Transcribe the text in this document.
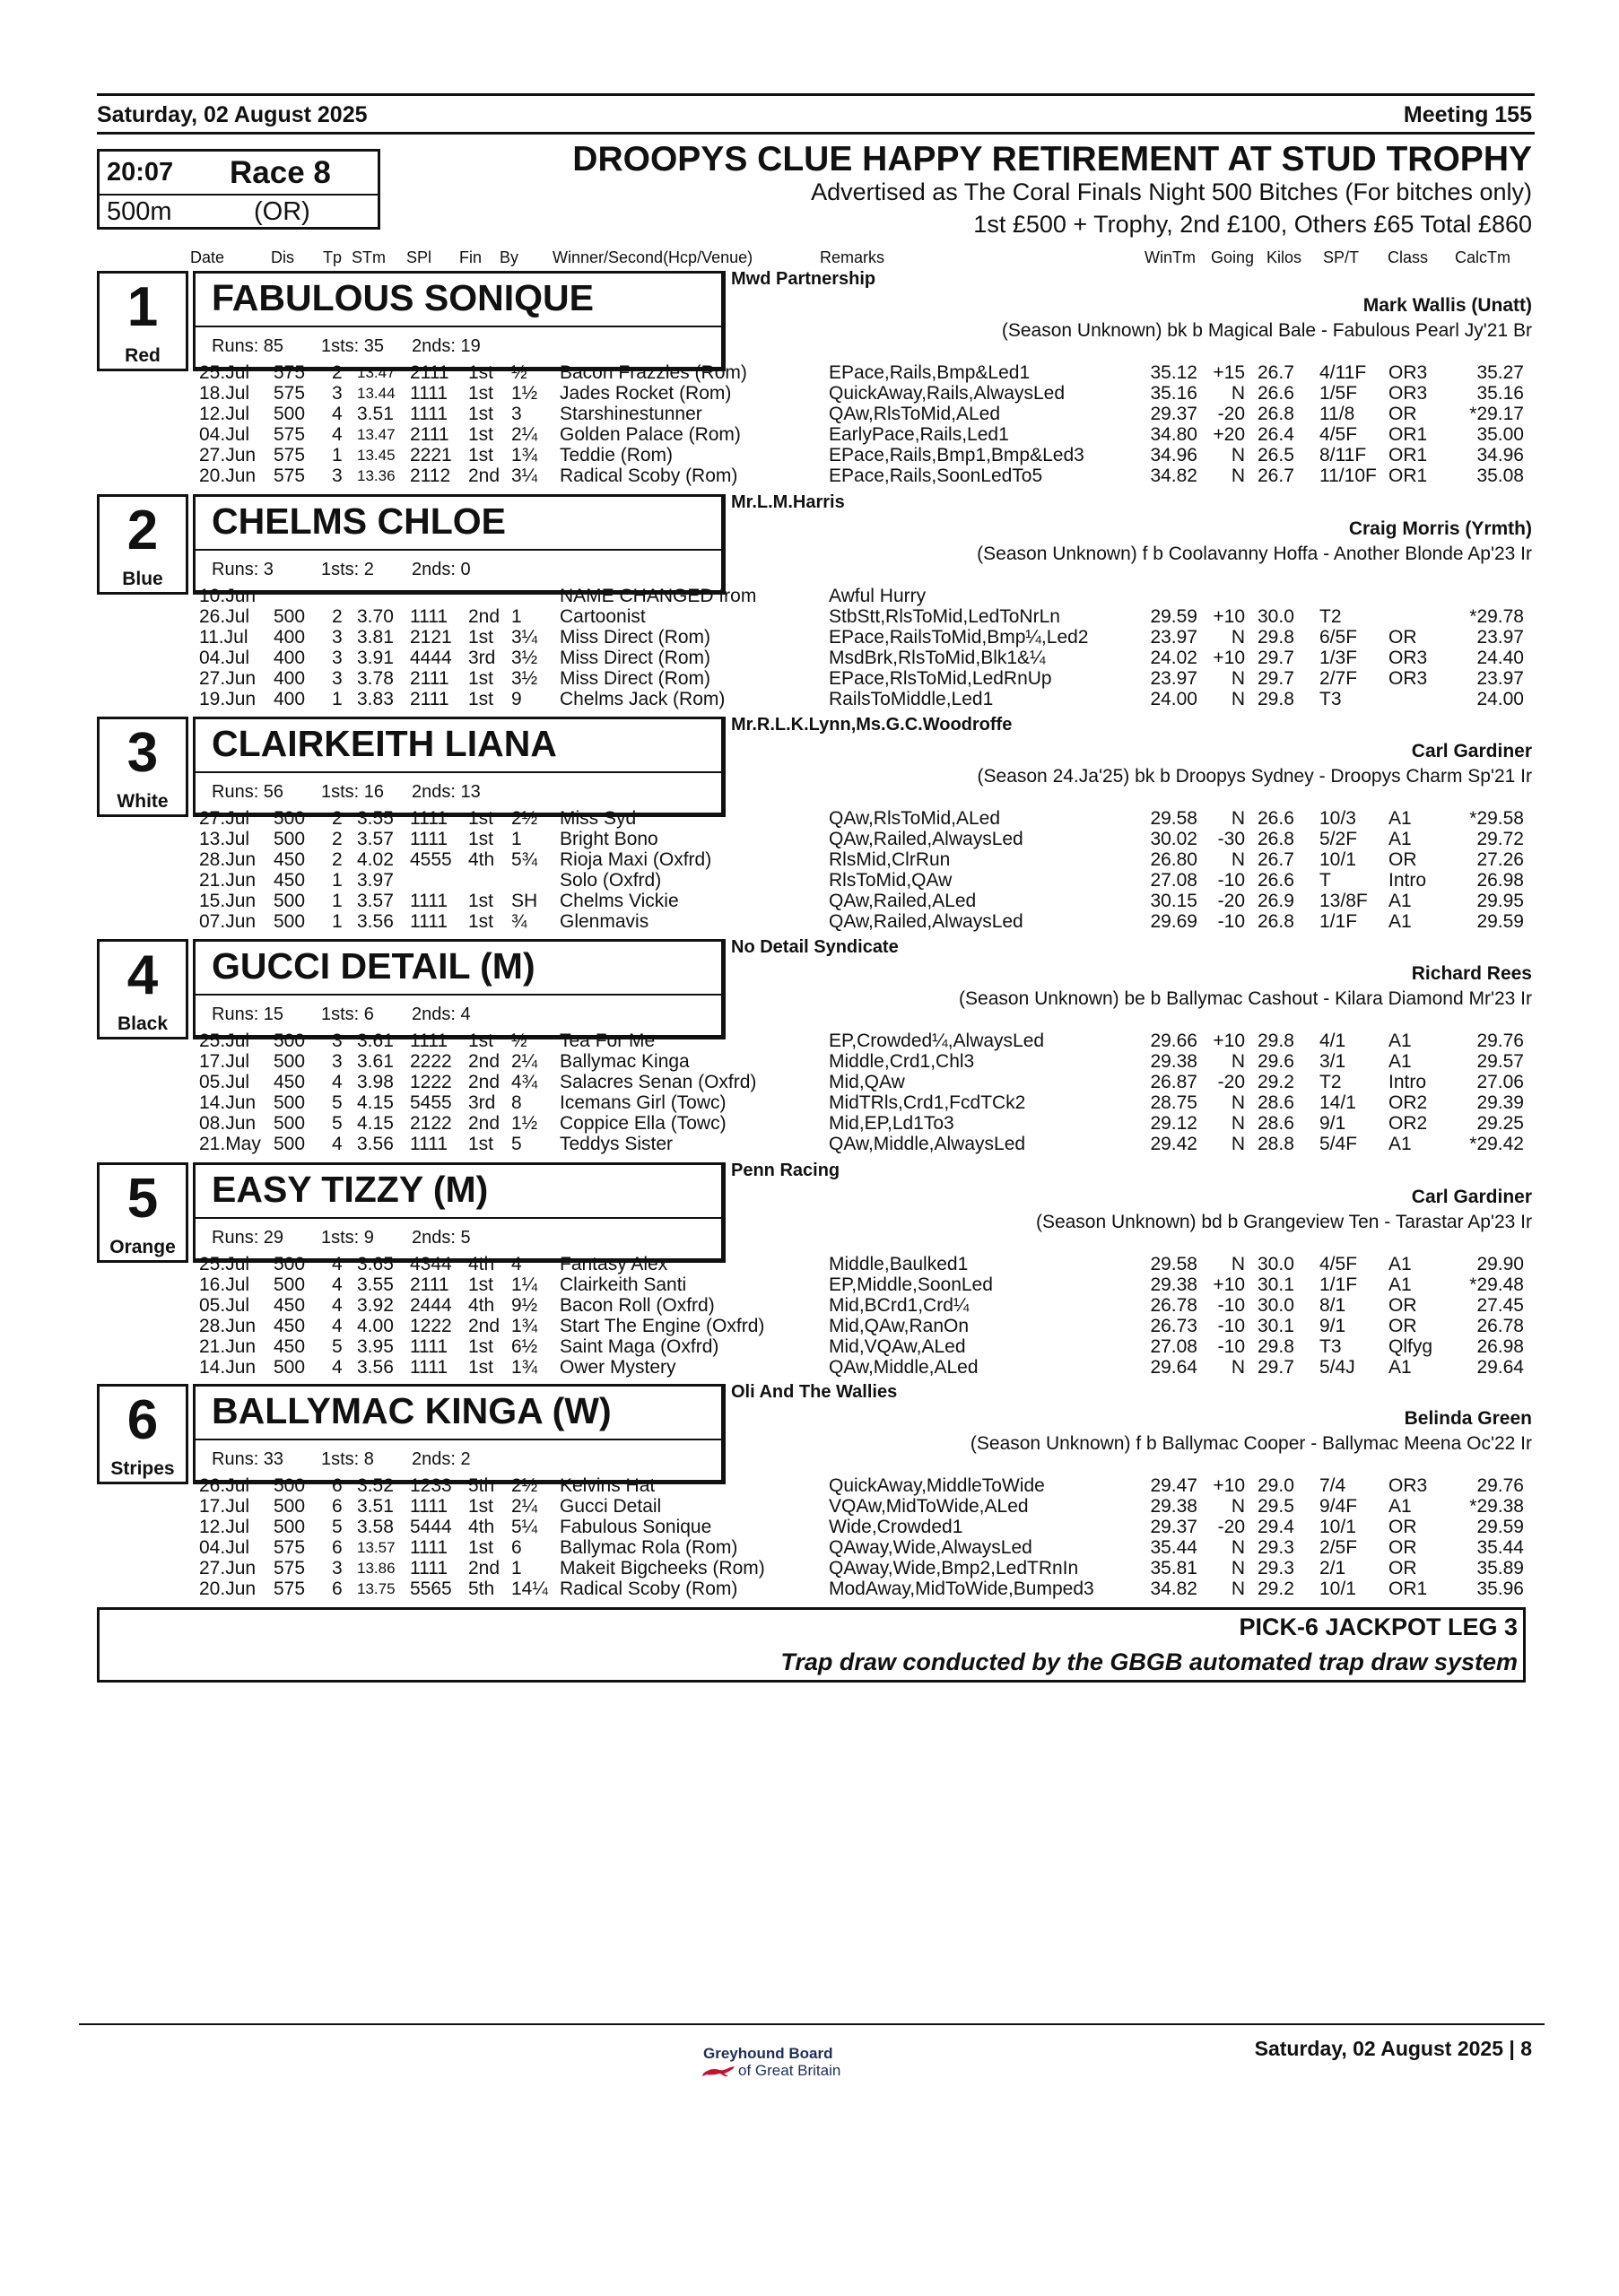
Saturday, 02 August 2025	Meeting 155
20:07 Race 8
500m	(OR)
DROOPYS CLUE HAPPY RETIREMENT AT STUD TROPHY
Advertised as The Coral Finals Night 500 Bitches (For bitches only)
1st £500 + Trophy, 2nd £100, Others £65 Total £860
Date	Dis Tp STm SPl Fin By Winner/Second(Hcp/Venue)	Remarks	WinTm Going Kilos SP/T Class CalcTm
1
Red
FABULOUS SONIQUE
Runs: 85 1sts: 35 2nds: 19
Mwd Partnership
Mark Wallis (Unatt)
(Season Unknown) bk b Magical Bale - Fabulous Pearl Jy'21 Br
25.Jul 575 2 13.47 2111 1st ½ Bacon Frazzles (Rom)	EPace,Rails,Bmp&Led1	35.12 +15 26.7 4/11F OR3	35.27
18.Jul 575 3 13.44 1111 1st 1½ Jades Rocket (Rom)	QuickAway,Rails,AlwaysLed	35.16 N 26.6 1/5F OR3	35.16
12.Jul 500 4 3.51 1111 1st 3 Starshinestunner	QAw,RlsToMid,ALed	29.37 -20 26.8 11/8 OR	*29.17
04.Jul 575 4 13.47 2111 1st 2¼ Golden Palace (Rom)	EarlyPace,Rails,Led1	34.80 +20 26.4 4/5F OR1	35.00
27.Jun 575 1 13.45 2221 1st 1¾ Teddie (Rom)	EPace,Rails,Bmp1,Bmp&Led3	34.96 N 26.5 8/11F OR1	34.96
20.Jun 575 3 13.36 2112 2nd 3¼ Radical Scoby (Rom)	EPace,Rails,SoonLedTo5	34.82 N 26.7 11/10F OR1	35.08
2
Blue
CHELMS CHLOE
Runs: 3	1sts: 2 2nds: 0
Mr.L.M.Harris
Craig Morris (Yrmth)
(Season Unknown) f b Coolavanny Hoffa - Another Blonde Ap'23 Ir
10.Jun	NAME CHANGED from	Awful Hurry
26.Jul 500 2 3.70 1111 2nd 1 Cartoonist	StbStt,RlsToMid,LedToNrLn	29.59 +10 30.0 T2	*29.78
11.Jul 400 3 3.81 2121 1st 3¼ Miss Direct (Rom)	EPace,RailsToMid,Bmp¼,Led2	23.97 N 29.8 6/5F OR	23.97
04.Jul 400 3 3.91 4444 3rd 3½ Miss Direct (Rom)	MsdBrk,RlsToMid,Blk1&¼	24.02 +10 29.7 1/3F OR3	24.40
27.Jun 400 3 3.78 2111 1st 3½ Miss Direct (Rom)	EPace,RlsToMid,LedRnUp	23.97 N 29.7 2/7F OR3	23.97
19.Jun 400 1 3.83 2111 1st 9 Chelms Jack (Rom)	RailsToMiddle,Led1	24.00 N 29.8 T3	24.00
3
White
CLAIRKEITH LIANA
Runs: 56 1sts: 16 2nds: 13
Mr.R.L.K.Lynn,Ms.G.C.Woodroffe
Carl Gardiner
(Season 24.Ja'25) bk b Droopys Sydney - Droopys Charm Sp'21 Ir
27.Jul 500 2 3.55 1111 1st 2½ Miss Syd	QAw,RlsToMid,ALed	29.58 N 26.6 10/3 A1	*29.58
13.Jul 500 2 3.57 1111 1st 1 Bright Bono	QAw,Railed,AlwaysLed	30.02 -30 26.8 5/2F A1	29.72
28.Jun 450 2 4.02 4555 4th 5¾ Rioja Maxi (Oxfrd)	RlsMid,ClrRun	26.80 N 26.7 10/1 OR	27.26
21.Jun 450 1 3.97	Solo (Oxfrd)	RlsToMid,QAw	27.08 -10 26.6 T	Intro	26.98
15.Jun 500 1 3.57 1111 1st SH Chelms Vickie	QAw,Railed,ALed	30.15 -20 26.9 13/8F A1	29.95
07.Jun 500 1 3.56 1111 1st ¾ Glenmavis	QAw,Railed,AlwaysLed	29.69 -10 26.8 1/1F A1	29.59
4
Black
GUCCI DETAIL (M)
Runs: 15 1sts: 6 2nds: 4
No Detail Syndicate
Richard Rees
(Season Unknown) be b Ballymac Cashout - Kilara Diamond Mr'23 Ir
25.Jul 500 3 3.61 1111 1st ½ Tea For Me	EP,Crowded¼,AlwaysLed	29.66 +10 29.8 4/1 A1	29.76
17.Jul 500 3 3.61 2222 2nd 2¼ Ballymac Kinga	Middle,Crd1,Chl3	29.38 N 29.6 3/1 A1	29.57
05.Jul 450 4 3.98 1222 2nd 4¾ Salacres Senan (Oxfrd)	Mid,QAw	26.87 -20 29.2 T2 Intro	27.06
14.Jun 500 5 4.15 5455 3rd 8 Icemans Girl (Towc)	MidTRls,Crd1,FcdTCk2	28.75 N 28.6 14/1 OR2	29.39
08.Jun 500 5 4.15 2122 2nd 1½ Coppice Ella (Towc)	Mid,EP,Ld1To3	29.12 N 28.6 9/1 OR2	29.25
21.May 500 4 3.56 1111 1st 5 Teddys Sister	QAw,Middle,AlwaysLed	29.42 N 28.8 5/4F A1	*29.42
5
Orange
EASY TIZZY (M)
Runs: 29 1sts: 9 2nds: 5
Penn Racing
Carl Gardiner
(Season Unknown) bd b Grangeview Ten - Tarastar Ap'23 Ir
25.Jul 500 4 3.65 4344 4th 4 Fantasy Alex	Middle,Baulked1	29.58 N 30.0 4/5F A1	29.90
16.Jul 500 4 3.55 2111 1st 1¼ Clairkeith Santi	EP,Middle,SoonLed	29.38 +10 30.1 1/1F A1	*29.48
05.Jul 450 4 3.92 2444 4th 9½ Bacon Roll (Oxfrd)	Mid,BCrd1,Crd¼	26.78 -10 30.0 8/1 OR	27.45
28.Jun 450 4 4.00 1222 2nd 1¾ Start The Engine (Oxfrd)	Mid,QAw,RanOn	26.73 -10 30.1 9/1 OR	26.78
21.Jun 450 5 3.95 1111 1st 6½ Saint Maga (Oxfrd)	Mid,VQAw,ALed	27.08 -10 29.8 T3 Qlfyg 26.98
14.Jun 500 4 3.56 1111 1st 1¾ Ower Mystery	QAw,Middle,ALed	29.64 N 29.7 5/4J A1	29.64
6
Stripes
BALLYMAC KINGA (W)
Runs: 33 1sts: 8 2nds: 2
Oli And The Wallies
Belinda Green
(Season Unknown) f b Ballymac Cooper - Ballymac Meena Oc'22 Ir
26.Jul 500 6 3.52 1233 5th 2½ Kelvins Hat	QuickAway,MiddleToWide	29.47 +10 29.0 7/4 OR3	29.76
17.Jul 500 6 3.51 1111 1st 2¼ Gucci Detail	VQAw,MidToWide,ALed	29.38 N 29.5 9/4F A1	*29.38
12.Jul 500 5 3.58 5444 4th 5¼ Fabulous Sonique	Wide,Crowded1	29.37 -20 29.4 10/1 OR	29.59
04.Jul 575 6 13.57 1111 1st 6 Ballymac Rola (Rom)	QAway,Wide,AlwaysLed	35.44 N 29.3 2/5F OR	35.44
27.Jun 575 3 13.86 1111 2nd 1 Makeit Bigcheeks (Rom)	QAway,Wide,Bmp2,LedTRnIn	35.81 N 29.3 2/1 OR	35.89
20.Jun 575 6 13.75 5565 5th 14¼ Radical Scoby (Rom)	ModAway,MidToWide,Bumped3	34.82 N 29.2 10/1 OR1	35.96
PICK-6 JACKPOT LEG 3
Trap draw conducted by the GBGB automated trap draw system
Greyhound Board
of Great Britain
Saturday, 02 August 2025 | 8
